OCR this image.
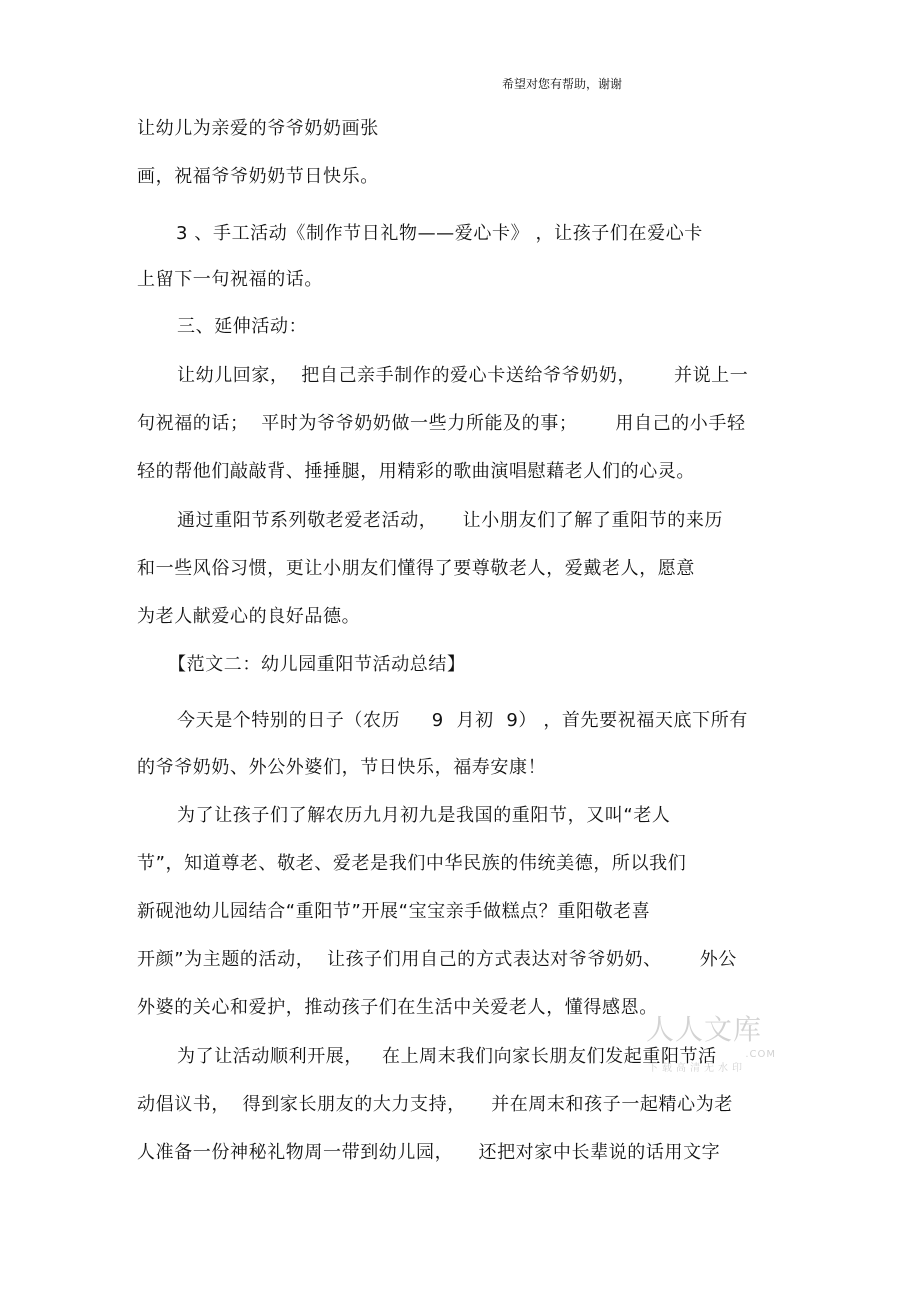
希望对您有帮助，谢谢
让幼儿为亲爱的爷爷奶奶画张
画，祝福爷爷奶奶节日快乐。
3 、手工活动《制作节日礼物——爱心卡》 ，让孩子们在爱心卡
上留下一句祝福的话。
三、延伸活动：
让幼儿回家，  把自己亲手制作的爱心卡送给爷爷奶奶，      并说上一
句祝福的话；  平时为爷爷奶奶做一些力所能及的事；      用自己的小手轻
轻的帮他们敲敲背、捶捶腿，用精彩的歌曲演唱慰藉老人们的心灵。
通过重阳节系列敬老爱老活动，    让小朋友们了解了重阳节的来历
和一些风俗习惯，更让小朋友们懂得了要尊敬老人，爱戴老人，愿意
为老人献爱心的良好品德。
【范文二：幼儿园重阳节活动总结】
今天是个特别的日子（农历     9  月初  9） ，首先要祝福天底下所有
的爷爷奶奶、外公外婆们，节日快乐，福寿安康！
为了让孩子们了解农历九月初九是我国的重阳节，又叫“老人
节”，知道尊老、敬老、爱老是我们中华民族的伟统美德，所以我们
新砚池幼儿园结合“重阳节”开展“宝宝亲手做糕点？重阳敬老喜
开颜”为主题的活动，  让孩子们用自己的方式表达对爷爷奶奶、      外公
外婆的关心和爱护，推动孩子们在生活中关爱老人，懂得感恩。
为了让活动顺利开展，   在上周末我们向家长朋友们发起重阳节活
动倡议书，  得到家长朋友的大力支持，    并在周末和孩子一起精心为老
人准备一份神秘礼物周一带到幼儿园，    还把对家中长辈说的话用文字
人人文库
.COM
下载高清无水印
